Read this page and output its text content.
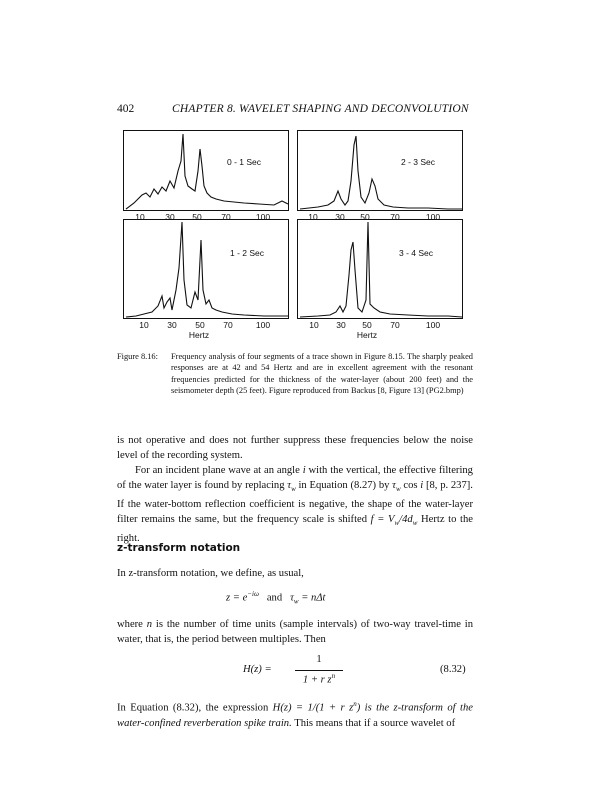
402	CHAPTER 8. WAVELET SHAPING AND DECONVOLUTION
0 - 1 Sec	2 - 3 Sec
1 - 2 Sec	3 - 4 Sec
10 30 50 70	100	10 30 50 70	100
10 30 50 70	100
Hertz
10 30 50 70	100
Hertz
Figure 8.16: Frequency analysis of four segments of a trace shown in Figure 8.15. The sharply peaked responses are at 42 and 54 Hertz and are in excellent agreement with the resonant frequencies predicted for the thickness of the water-layer (about 200 feet) and the seismometer depth (25 feet). Figure reproduced from Backus [8, Figure 13] (PG2.bmp)
is not operative and does not further suppress these frequencies below the noise level of the recording system.
For an incident plane wave at an angle i with the vertical, the effective filtering of the water layer is found by replacing $\tau_w$ in Equation (8.27) by $\tau_w$ cos i [8, p. 237]. If the water-bottom reflection coefficient is negative, the shape of the water-layer filter remains the same, but the frequency scale is shifted $f = V_w/4d_w$ Hertz to the right.
z-transform notation
In z-transform notation, we define, as usual,
$z = e^{-i\omega}$ and $\tau_w = n\Delta t$
where n is the number of time units (sample intervals) of two-way travel-time in water, that is, the period between multiples. Then
H(z) =
1
1 + r $z^n$
(8.32)
In Equation (8.32), the expression H(z) = 1/(1 + r $z^n$) is the z-transform of the water-confined reverberation spike train. This means that if a source wavelet of
